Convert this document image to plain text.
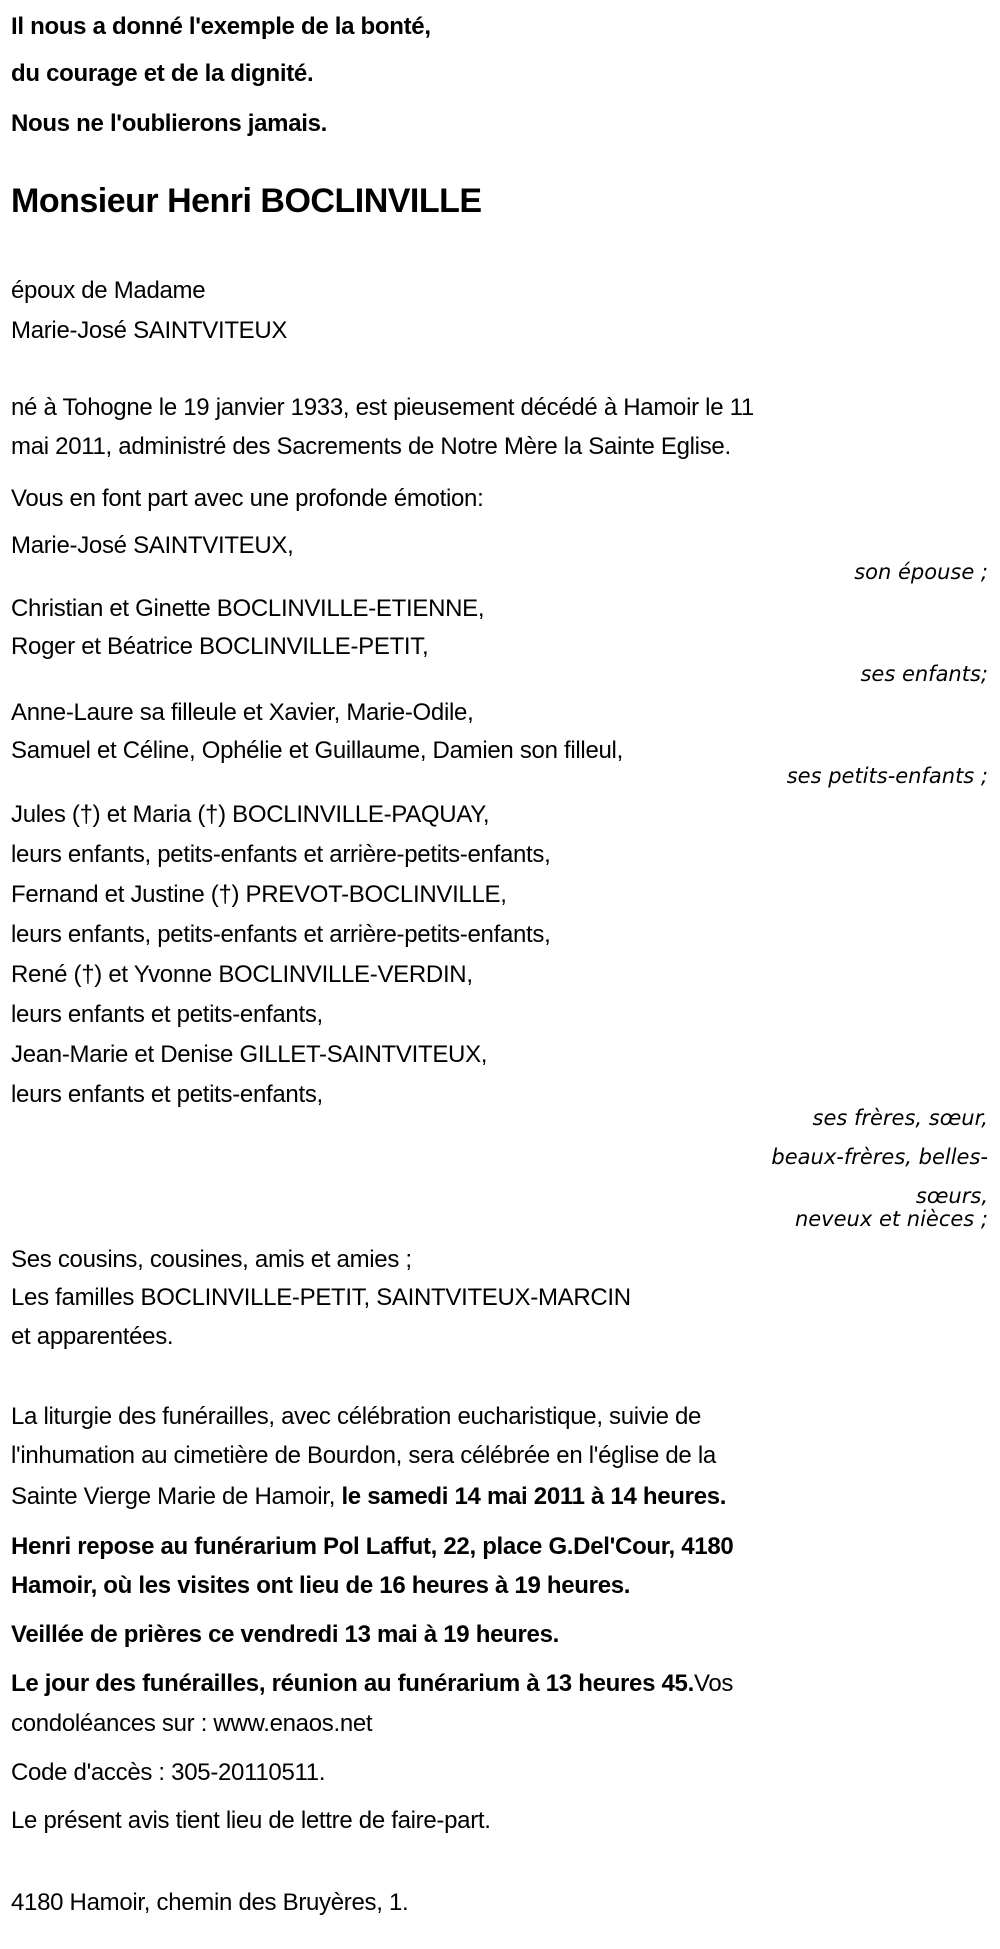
Il nous a donné l'exemple de la bonté,
du courage et de la dignité.
Nous ne l'oublierons jamais.
Monsieur Henri BOCLINVILLE
époux de Madame
Marie-José SAINTVITEUX
né à Tohogne le 19 janvier 1933, est pieusement décédé à Hamoir le 11
mai 2011, administré des Sacrements de Notre Mère la Sainte Eglise.
Vous en font part avec une profonde émotion:
Marie-José SAINTVITEUX,
son épouse ;
Christian et Ginette BOCLINVILLE-ETIENNE,
Roger et Béatrice BOCLINVILLE-PETIT,
ses enfants;
Anne-Laure sa filleule et Xavier, Marie-Odile,
Samuel et Céline, Ophélie et Guillaume, Damien son filleul,
ses petits-enfants ;
Jules (†) et Maria (†) BOCLINVILLE-PAQUAY,
leurs enfants, petits-enfants et arrière-petits-enfants,
Fernand et Justine (†) PREVOT-BOCLINVILLE,
leurs enfants, petits-enfants et arrière-petits-enfants,
René (†) et Yvonne BOCLINVILLE-VERDIN,
leurs enfants et petits-enfants,
Jean-Marie et Denise GILLET-SAINTVITEUX,
leurs enfants et petits-enfants,
ses frères, sœur,
beaux-frères, belles-
sœurs,
neveux et nièces ;
Ses cousins, cousines, amis et amies ;
Les familles BOCLINVILLE-PETIT, SAINTVITEUX-MARCIN
et apparentées.
La liturgie des funérailles, avec célébration eucharistique, suivie de
l'inhumation au cimetière de Bourdon, sera célébrée en l'église de la
Sainte Vierge Marie de Hamoir, le samedi 14 mai 2011 à 14 heures.
Henri repose au funérarium Pol Laffut, 22, place G.Del'Cour, 4180
Hamoir, où les visites ont lieu de 16 heures à 19 heures.
Veillée de prières ce vendredi 13 mai à 19 heures.
Le jour des funérailles, réunion au funérarium à 13 heures 45.Vos
condoléances sur : www.enaos.net
Code d'accès : 305-20110511.
Le présent avis tient lieu de lettre de faire-part.
4180 Hamoir, chemin des Bruyères, 1.
